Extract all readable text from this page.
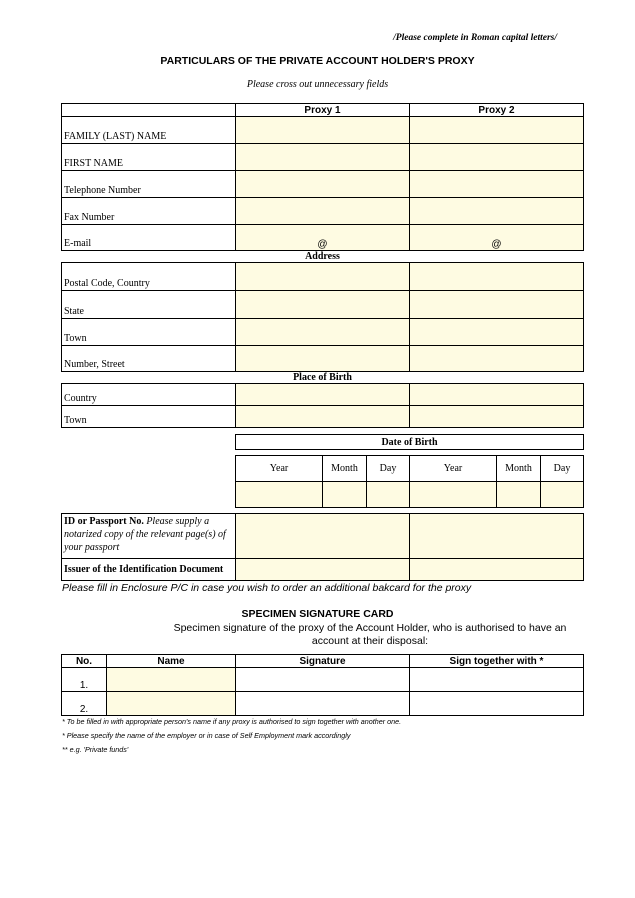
/Please complete in Roman capital letters/
PARTICULARS OF THE PRIVATE ACCOUNT HOLDER'S PROXY
Please cross out unnecessary fields
	Proxy 1	Proxy 2
FAMILY (LAST) NAME		
FIRST NAME		
Telephone Number		
Fax Number		
E-mail	@	@
Address		
Postal Code, Country		
State		
Town		
Number, Street		
Place of Birth		
Country		
Town		
Date of Birth					

Year	Month	Day	Year	Month	Day

ID or Passport No. Please supply a notarized copy of the relevant page(s) of your passport		
Issuer of the Identification Document		
Please fill in Enclosure P/C in case you wish to order an additional bakcard for the proxy
SPECIMEN SIGNATURE CARD
Specimen signature of the proxy of the Account Holder, who is authorised to have an account at their disposal:
No.	Name	Signature	Sign together with *
1.			
2.			
* To be filled in with appropriate person's name if any proxy is authorised to sign together with another one.
* Please specify the name of the employer or in case of Self Employment mark accordingly
** e.g. 'Private funds'
